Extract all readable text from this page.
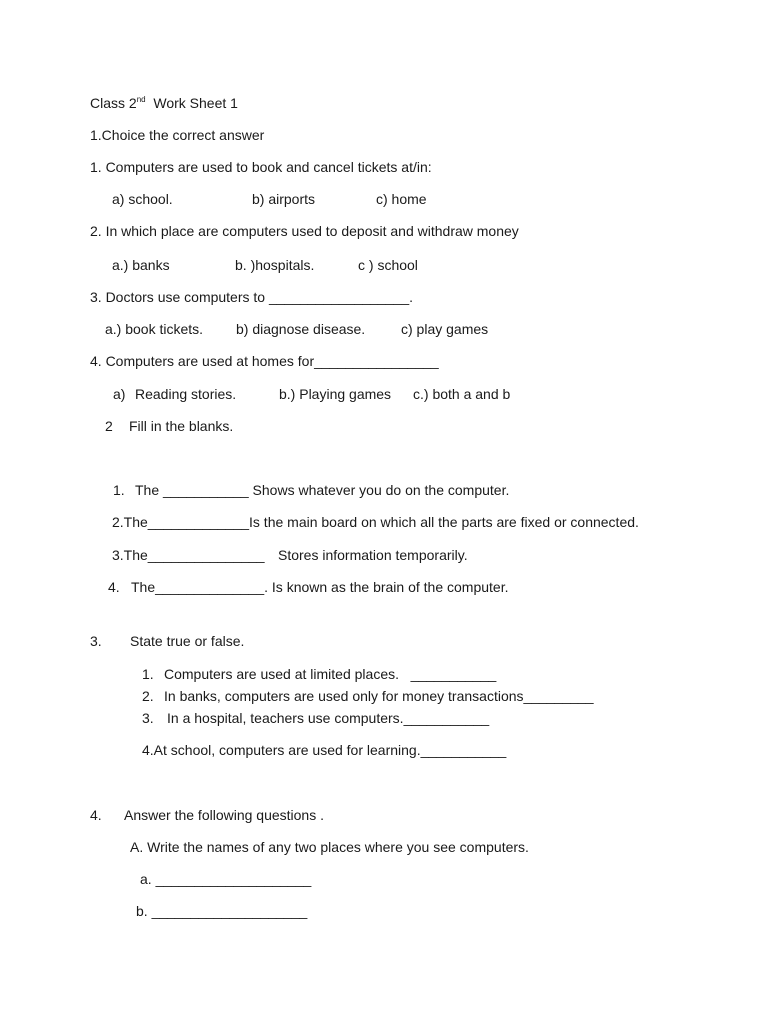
Class 2nd  Work Sheet 1
1.Choice the correct answer
1. Computers are used to book and cancel tickets at/in:
a) school.	b) airports	c) home
2. In which place are computers used to deposit and withdraw money
a.) banks	b. )hospitals.	c ) school
3. Doctors use computers to __________________.
a.) book tickets. b) diagnose disease.	c) play games
4. Computers are used at homes for________________
a) Reading stories.	b.) Playing games c.) both a and b
2 Fill in the blanks.
1. The ___________ Shows whatever you do on the computer.
2.The_____________Is the main board on which all the parts are fixed or connected.
3.The_______________ Stores information temporarily.
4. The______________. Is known as the brain of the computer.
3. State true or false.
1. Computers are used at limited places.   ___________
2. In banks, computers are used only for money transactions_________
3. In a hospital, teachers use computers.___________
4.At school, computers are used for learning.___________
4. Answer the following questions .
A. Write the names of any two places where you see computers.
a. ____________________
b. ____________________
